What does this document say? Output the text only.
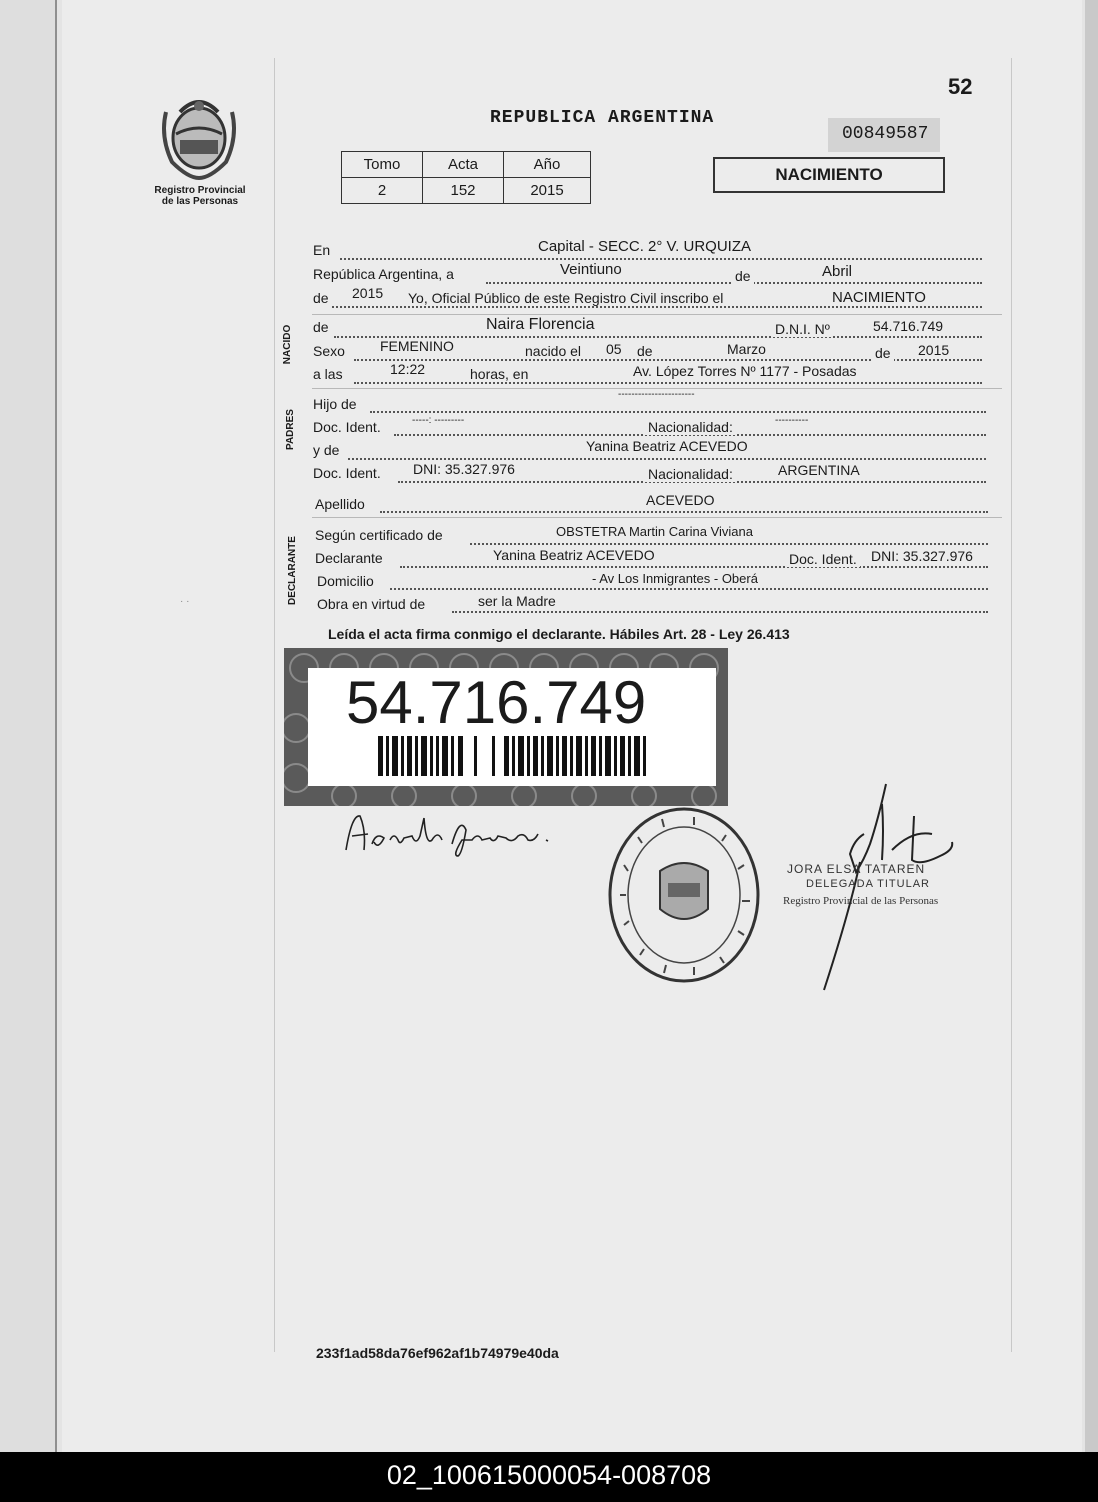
Registro Provincial
de las Personas
52
REPUBLICA ARGENTINA
00849587
Tomo	Acta	Año
2	152	2015
NACIMIENTO
En	Capital - SECC. 2° V. URQUIZA
República Argentina, a	Veintiuno	de	Abril
de 2015 Yo, Oficial Público de este Registro Civil inscribo el	NACIMIENTO
NACIDO de	Naira Florencia	D.N.I. Nº	54.716.749
Sexo	FEMENINO	nacido el 05 de	Marzo	de 2015
a las	12:22	horas, en	Av. López Torres Nº 1177 - Posadas
PADRES
Hijo de
-----------------------
Doc. Ident.	-----: ---------	Nacionalidad:	----------
y de	Yanina Beatriz ACEVEDO
Doc. Ident. DNI: 35.327.976	Nacionalidad:	ARGENTINA
Apellido	ACEVEDO
DECLARANTE
Según certificado de	OBSTETRA Martin Carina Viviana
Declarante	Yanina Beatriz ACEVEDO	Doc. Ident. DNI: 35.327.976
Domicilio	- Av Los Inmigrantes - Oberá
Obra en virtud de	ser la Madre
Leída el acta firma conmigo el declarante. Hábiles Art. 28 - Ley 26.413
· ·
54.716.749
JORA ELSA TATAREN
DELEGADA TITULAR
Registro Provincial de las Personas
233f1ad58da76ef962af1b74979e40da
02_100615000054-008708
